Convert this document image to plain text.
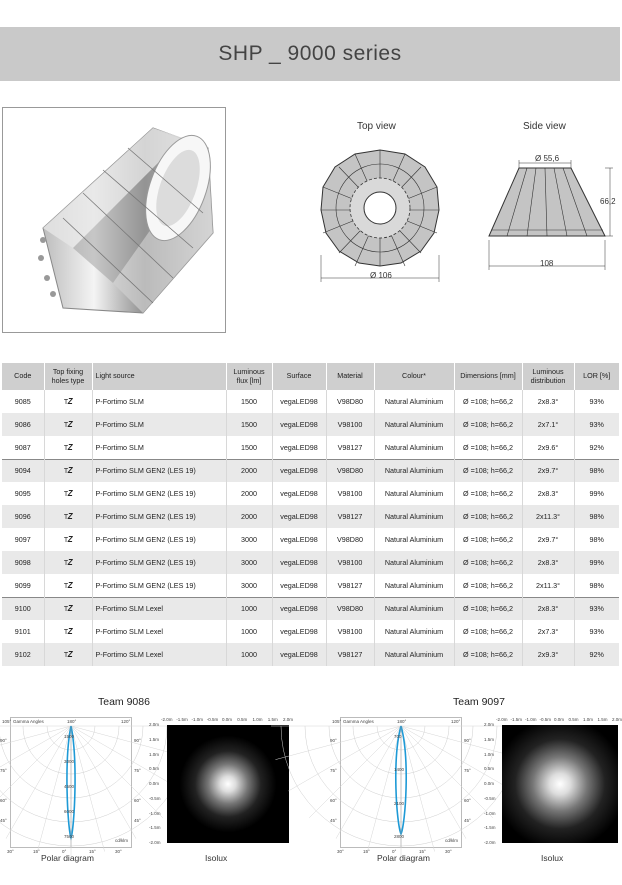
SHP _ 9000 series
Top view
Ø 106
Side view
Ø 55,6
66,2
108
Code	Top fixing holes type	Light source	Luminous flux [lm]	Surface	Material	Colour*	Dimensions [mm]	Luminous distribution	LOR [%]
9085	TZ	P-Fortimo SLM	1500	vegaLED98	V98D80	Natural Aluminium	Ø =108; h=66,2	2x8.3°	93%
9086	TZ	P-Fortimo SLM	1500	vegaLED98	V98100	Natural Aluminium	Ø =108; h=66,2	2x7.1°	93%
9087	TZ	P-Fortimo SLM	1500	vegaLED98	V98127	Natural Aluminium	Ø =108; h=66,2	2x9.6°	92%
9094	TZ	P-Fortimo SLM GEN2 (LES 19)	2000	vegaLED98	V98D80	Natural Aluminium	Ø =108; h=66,2	2x9.7°	98%
9095	TZ	P-Fortimo SLM GEN2 (LES 19)	2000	vegaLED98	V98100	Natural Aluminium	Ø =108; h=66,2	2x8.3°	99%
9096	TZ	P-Fortimo SLM GEN2 (LES 19)	2000	vegaLED98	V98127	Natural Aluminium	Ø =108; h=66,2	2x11.3°	98%
9097	TZ	P-Fortimo SLM GEN2 (LES 19)	3000	vegaLED98	V98D80	Natural Aluminium	Ø =108; h=66,2	2x9.7°	98%
9098	TZ	P-Fortimo SLM GEN2 (LES 19)	3000	vegaLED98	V98100	Natural Aluminium	Ø =108; h=66,2	2x8.3°	99%
9099	TZ	P-Fortimo SLM GEN2 (LES 19)	3000	vegaLED98	V98127	Natural Aluminium	Ø =108; h=66,2	2x11.3°	98%
9100	TZ	P-Fortimo SLM Lexel	1000	vegaLED98	V98D80	Natural Aluminium	Ø =108; h=66,2	2x8.3°	93%
9101	TZ	P-Fortimo SLM Lexel	1000	vegaLED98	V98100	Natural Aluminium	Ø =108; h=66,2	2x7.3°	93%
9102	TZ	P-Fortimo SLM Lexel	1000	vegaLED98	V98127	Natural Aluminium	Ø =108; h=66,2	2x9.3°	92%
Team 9086
Gamma Angles
cd/klm
105°	180°	120°
90°
75°
60°
45°
30°	15°	0°	15°	30°
1500
3000
4500
6000
7500
90°
75°
60°
45°
Polar diagram
-2.0m -1.5m -1.0m -0.5m 0.0m 0.5m 1.0m 1.5m 2.0m
2.0m
1.5m
1.0m
0.5m
0.0m
-0.5m
-1.0m
-1.5m
-2.0m
Isolux
Team 9097
Gamma Angles
cd/klm
105°	180°	120°
90°
75°
60°
45°
30°	15°	0°	15°	30°
700
1400
2100
2800
90°
75°
60°
45°
Polar diagram
-2.0m -1.5m -1.0m -0.5m 0.0m 0.5m 1.0m 1.5m 2.0m
2.0m
1.5m
1.0m
0.5m
0.0m
-0.5m
-1.0m
-1.5m
-2.0m
Isolux
